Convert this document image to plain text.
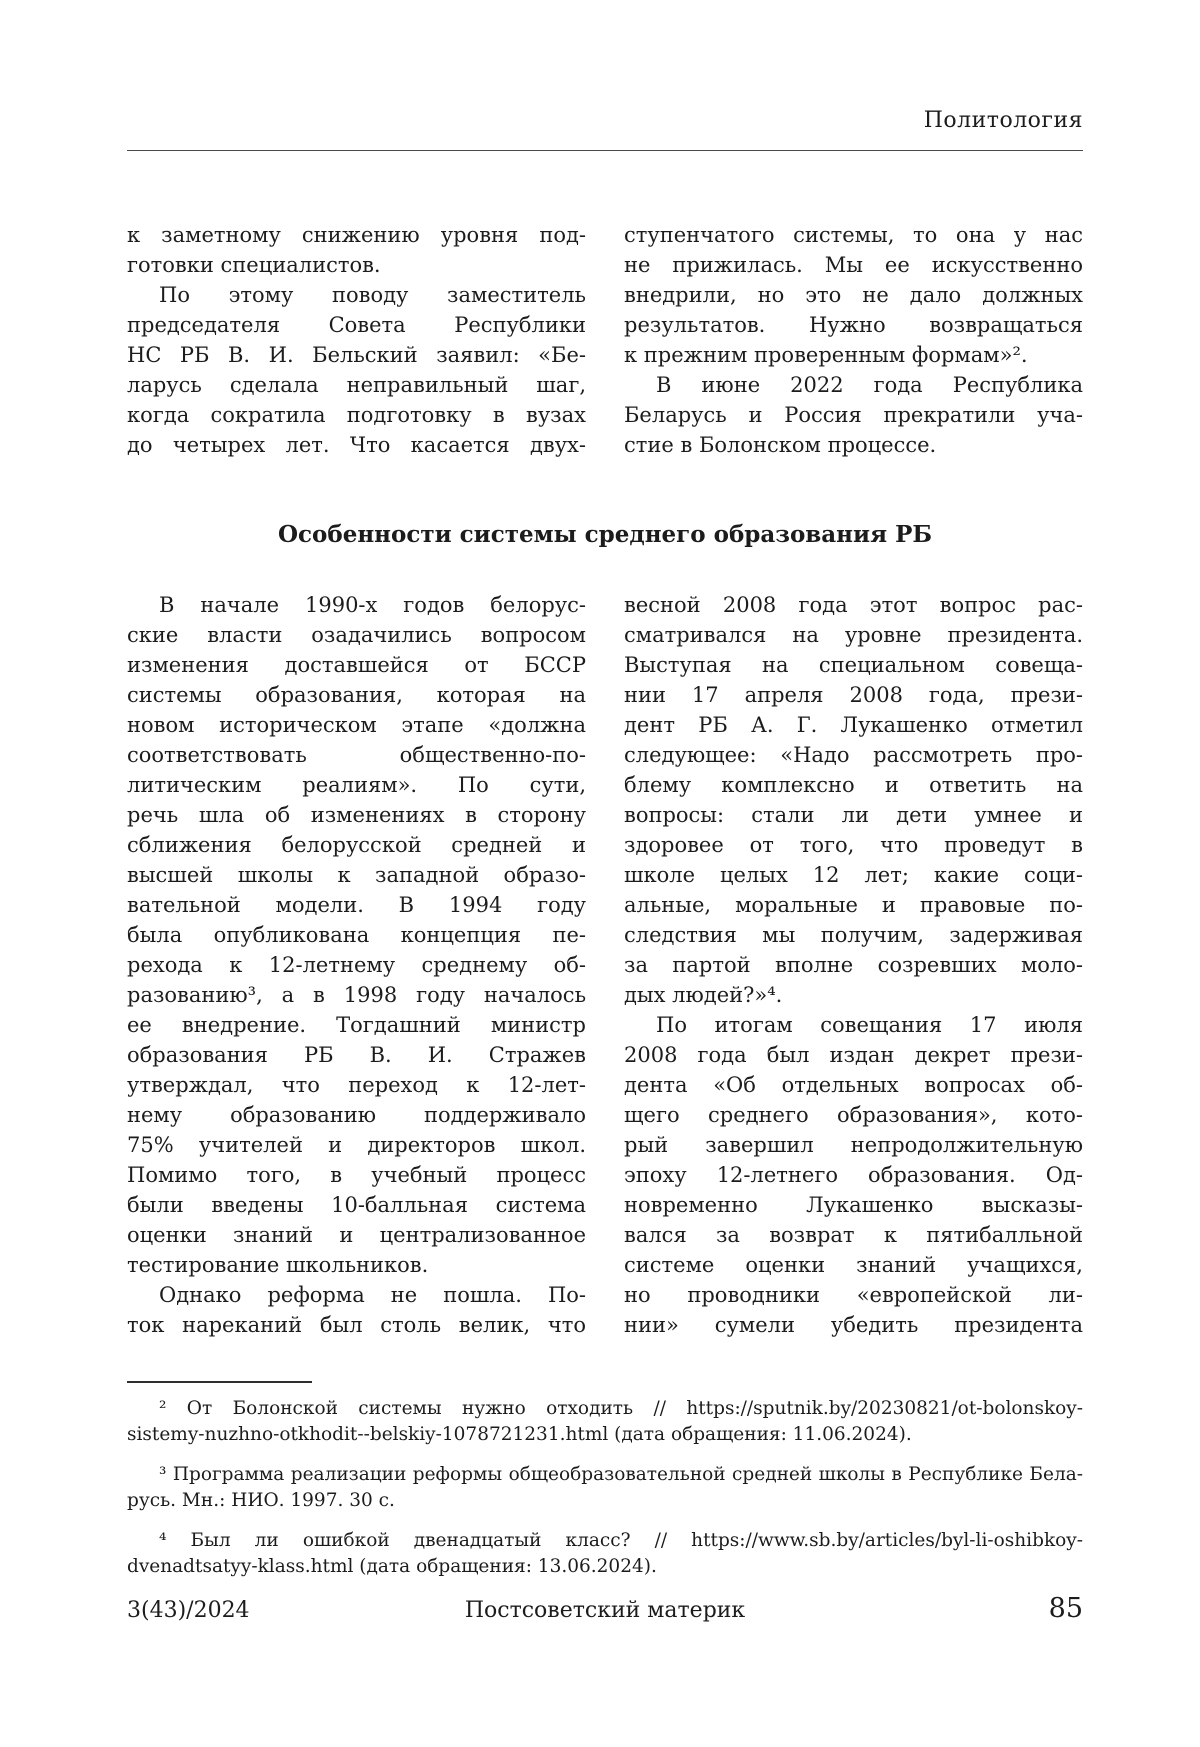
Политология
к заметному снижению уровня под-
готовки специалистов.
По этому поводу заместитель
председателя Совета Республики
НС РБ В. И. Бельский заявил: «Бе-
ларусь сделала неправильный шаг,
когда сократила подготовку в вузах
до четырех лет. Что касается двух-
ступенчатого системы, то она у нас
не прижилась. Мы ее искусственно
внедрили, но это не дало должных
результатов. Нужно возвращаться
к прежним проверенным формам»².
В июне 2022 года Республика
Беларусь и Россия прекратили уча-
стие в Болонском процессе.
Особенности системы среднего образования РБ
В начале 1990-х годов белорус-
ские власти озадачились вопросом
изменения доставшейся от БССР
системы образования, которая на
новом историческом этапе «должна
соответствовать общественно-по-
литическим реалиям». По сути,
речь шла об изменениях в сторону
сближения белорусской средней и
высшей школы к западной образо-
вательной модели. В 1994 году
была опубликована концепция пе-
рехода к 12-летнему среднему об-
разованию³, а в 1998 году началось
ее внедрение. Тогдашний министр
образования РБ В. И. Стражев
утверждал, что переход к 12-лет-
нему образованию поддерживало
75% учителей и директоров школ.
Помимо того, в учебный процесс
были введены 10-балльная система
оценки знаний и централизованное
тестирование школьников.
Однако реформа не пошла. По-
ток нареканий был столь велик, что
весной 2008 года этот вопрос рас-
сматривался на уровне президента.
Выступая на специальном совеща-
нии 17 апреля 2008 года, прези-
дент РБ А. Г. Лукашенко отметил
следующее: «Надо рассмотреть про-
блему комплексно и ответить на
вопросы: стали ли дети умнее и
здоровее от того, что проведут в
школе целых 12 лет; какие соци-
альные, моральные и правовые по-
следствия мы получим, задерживая
за партой вполне созревших моло-
дых людей?»⁴.
По итогам совещания 17 июля
2008 года был издан декрет прези-
дента «Об отдельных вопросах об-
щего среднего образования», кото-
рый завершил непродолжительную
эпоху 12-летнего образования. Од-
новременно Лукашенко высказы-
вался за возврат к пятибалльной
системе оценки знаний учащихся,
но проводники «европейской ли-
нии» сумели убедить президента
² От Болонской системы нужно отходить // https://sputnik.by/20230821/ot-bolonskoy-
sistemy-nuzhno-otkhodit--belskiy-1078721231.html (дата обращения: 11.06.2024).
³ Программа реализации реформы общеобразовательной средней школы в Республике Бела-
русь. Мн.: НИО. 1997. 30 с.
⁴ Был ли ошибкой двенадцатый класс? // https://www.sb.by/articles/byl-li-oshibkoy-
dvenadtsatyy-klass.html (дата обращения: 13.06.2024).
3(43)/2024	Постсоветский материк	85
